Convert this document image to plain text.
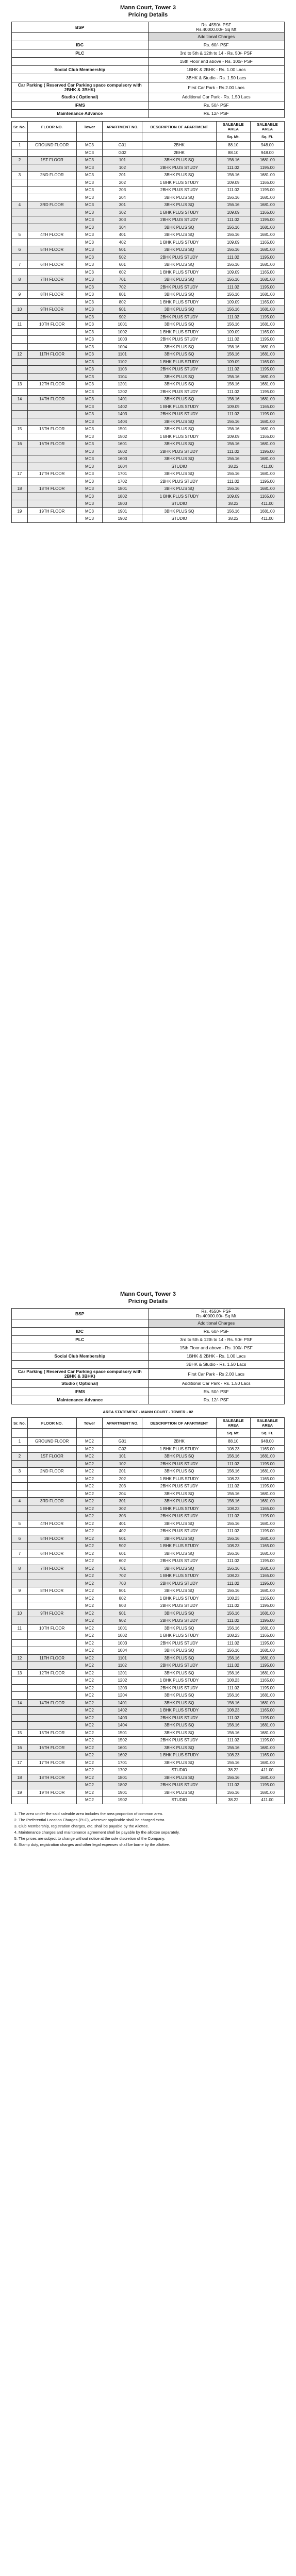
Mann Court, Tower 3
Pricing Details
BSP	Rs. 4550/- PSF
Rs.40000.00/- Sq Mt

	Additional Charges
IDC	Rs. 60/- PSF
PLC	3rd to 5th & 12th to 14 - Rs. 50/- PSF
	15th Floor and above - Rs. 100/- PSF
Social Club Membership	1BHK & 2BHK - Rs. 1.00 Lacs
	3BHK & Studio - Rs. 1.50 Lacs
Car Parking ( Reserved Car Parking space compulsory with 2BHK & 3BHK)	First Car Park - Rs 2.00 Lacs
Studio ( Optional)	Additional Car Park - Rs. 1.50 Lacs
IFMS	Rs. 50/- PSF
Maintenance Advance	Rs. 12/- PSF
Sr. No.	FLOOR NO.	Tower	APARTMENT NO.	DESCRIPTION OF APARTMENT	SALEABLE AREA	SALEABLE AREA
					Sq. Mt.	Sq. Ft.
1	GROUND FLOOR	MC3	G01	2BHK	88.10	948.00
		MC3	G02	2BHK	88.10	948.00
2	1ST FLOOR	MC3	101	3BHK PLUS SQ	156.16	1681.00
		MC3	102	2BHK PLUS STUDY	111.02	1195.00
3	2ND FLOOR	MC3	201	3BHK PLUS SQ	156.16	1681.00
		MC3	202	1 BHK PLUS STUDY	109.09	1165.00
		MC3	203	2BHK PLUS STUDY	111.02	1195.00
		MC3	204	3BHK PLUS SQ	156.16	1681.00
4	3RD FLOOR	MC3	301	3BHK PLUS SQ	156.16	1681.00
		MC3	302	1 BHK PLUS STUDY	109.09	1165.00
		MC3	303	2BHK PLUS STUDY	111.02	1195.00
		MC3	304	3BHK PLUS SQ	156.16	1681.00
5	4TH FLOOR	MC3	401	3BHK PLUS SQ	156.16	1681.00
		MC3	402	1 BHK PLUS STUDY	109.09	1165.00
6	5TH FLOOR	MC3	501	3BHK PLUS SQ	156.16	1681.00
		MC3	502	2BHK PLUS STUDY	111.02	1195.00
7	6TH FLOOR	MC3	601	3BHK PLUS SQ	156.16	1681.00
		MC3	602	1 BHK PLUS STUDY	109.09	1165.00
8	7TH FLOOR	MC3	701	3BHK PLUS SQ	156.16	1681.00
		MC3	702	2BHK PLUS STUDY	111.02	1195.00
9	8TH FLOOR	MC3	801	3BHK PLUS SQ	156.16	1681.00
		MC3	802	1 BHK PLUS STUDY	109.09	1165.00
10	9TH FLOOR	MC3	901	3BHK PLUS SQ	156.16	1681.00
		MC3	902	2BHK PLUS STUDY	111.02	1195.00
11	10TH FLOOR	MC3	1001	3BHK PLUS SQ	156.16	1681.00
		MC3	1002	1 BHK PLUS STUDY	109.09	1165.00
		MC3	1003	2BHK PLUS STUDY	111.02	1195.00
		MC3	1004	3BHK PLUS SQ	156.16	1681.00
12	11TH FLOOR	MC3	1101	3BHK PLUS SQ	156.16	1681.00
		MC3	1102	1 BHK PLUS STUDY	109.09	1165.00
		MC3	1103	2BHK PLUS STUDY	111.02	1195.00
		MC3	1104	3BHK PLUS SQ	156.16	1681.00
13	12TH FLOOR	MC3	1201	3BHK PLUS SQ	156.16	1681.00
		MC3	1202	2BHK PLUS STUDY	111.02	1195.00
14	14TH FLOOR	MC3	1401	3BHK PLUS SQ	156.16	1681.00
		MC3	1402	1 BHK PLUS STUDY	109.09	1165.00
		MC3	1403	2BHK PLUS STUDY	111.02	1195.00
		MC3	1404	3BHK PLUS SQ	156.16	1681.00
15	15TH FLOOR	MC3	1501	3BHK PLUS SQ	156.16	1681.00
		MC3	1502	1 BHK PLUS STUDY	109.09	1165.00
16	16TH FLOOR	MC3	1601	3BHK PLUS SQ	156.16	1681.00
		MC3	1602	2BHK PLUS STUDY	111.02	1195.00
		MC3	1603	3BHK PLUS SQ	156.16	1681.00
		MC3	1604	STUDIO	38.22	411.00
17	17TH FLOOR	MC3	1701	3BHK PLUS SQ	156.16	1681.00
		MC3	1702	2BHK PLUS STUDY	111.02	1195.00
18	18TH FLOOR	MC3	1801	3BHK PLUS SQ	156.16	1681.00
		MC3	1802	1 BHK PLUS STUDY	109.09	1165.00
		MC3	1803	STUDIO	38.22	411.00
19	19TH FLOOR	MC3	1901	3BHK PLUS SQ	156.16	1681.00
		MC3	1902	STUDIO	38.22	411.00
Mann Court, Tower 3
Pricing Details
BSP	Rs. 4550/- PSF
Rs.40000.00/- Sq Mt

	Additional Charges
IDC	Rs. 60/- PSF
PLC	3rd to 5th & 12th to 14 - Rs. 50/- PSF
	15th Floor and above - Rs. 100/- PSF
Social Club Membership	1BHK & 2BHK - Rs. 1.00 Lacs
	3BHK & Studio - Rs. 1.50 Lacs
Car Parking ( Reserved Car Parking space compulsory with 2BHK & 3BHK)	First Car Park - Rs 2.00 Lacs
Studio ( Optional)	Additional Car Park - Rs. 1.50 Lacs
IFMS	Rs. 50/- PSF
Maintenance Advance	Rs. 12/- PSF
AREA STATEMENT - MANN COURT - TOWER - 02
Sr. No.	FLOOR NO.	Tower	APARTMENT NO.	DESCRIPTION OF APARTMENT	SALEABLE AREA	SALEABLE AREA
					Sq. Mt.	Sq. Ft.
1	GROUND FLOOR	MC2	G01	2BHK	88.10	948.00
		MC2	G02	1 BHK PLUS STUDY	108.23	1165.00
2	1ST FLOOR	MC2	101	3BHK PLUS SQ	156.16	1681.00
		MC2	102	2BHK PLUS STUDY	111.02	1195.00
3	2ND FLOOR	MC2	201	3BHK PLUS SQ	156.16	1681.00
		MC2	202	1 BHK PLUS STUDY	108.23	1165.00
		MC2	203	2BHK PLUS STUDY	111.02	1195.00
		MC2	204	3BHK PLUS SQ	156.16	1681.00
4	3RD FLOOR	MC2	301	3BHK PLUS SQ	156.16	1681.00
		MC2	302	1 BHK PLUS STUDY	108.23	1165.00
		MC2	303	2BHK PLUS STUDY	111.02	1195.00
5	4TH FLOOR	MC2	401	3BHK PLUS SQ	156.16	1681.00
		MC2	402	2BHK PLUS STUDY	111.02	1195.00
6	5TH FLOOR	MC2	501	3BHK PLUS SQ	156.16	1681.00
		MC2	502	1 BHK PLUS STUDY	108.23	1165.00
7	6TH FLOOR	MC2	601	3BHK PLUS SQ	156.16	1681.00
		MC2	602	2BHK PLUS STUDY	111.02	1195.00
8	7TH FLOOR	MC2	701	3BHK PLUS SQ	156.16	1681.00
		MC2	702	1 BHK PLUS STUDY	108.23	1165.00
		MC2	703	2BHK PLUS STUDY	111.02	1195.00
9	8TH FLOOR	MC2	801	3BHK PLUS SQ	156.16	1681.00
		MC2	802	1 BHK PLUS STUDY	108.23	1165.00
		MC2	803	2BHK PLUS STUDY	111.02	1195.00
10	9TH FLOOR	MC2	901	3BHK PLUS SQ	156.16	1681.00
		MC2	902	2BHK PLUS STUDY	111.02	1195.00
11	10TH FLOOR	MC2	1001	3BHK PLUS SQ	156.16	1681.00
		MC2	1002	1 BHK PLUS STUDY	108.23	1165.00
		MC2	1003	2BHK PLUS STUDY	111.02	1195.00
		MC2	1004	3BHK PLUS SQ	156.16	1681.00
12	11TH FLOOR	MC2	1101	3BHK PLUS SQ	156.16	1681.00
		MC2	1102	2BHK PLUS STUDY	111.02	1195.00
13	12TH FLOOR	MC2	1201	3BHK PLUS SQ	156.16	1681.00
		MC2	1202	1 BHK PLUS STUDY	108.23	1165.00
		MC2	1203	2BHK PLUS STUDY	111.02	1195.00
		MC2	1204	3BHK PLUS SQ	156.16	1681.00
14	14TH FLOOR	MC2	1401	3BHK PLUS SQ	156.16	1681.00
		MC2	1402	1 BHK PLUS STUDY	108.23	1165.00
		MC2	1403	2BHK PLUS STUDY	111.02	1195.00
		MC2	1404	3BHK PLUS SQ	156.16	1681.00
15	15TH FLOOR	MC2	1501	3BHK PLUS SQ	156.16	1681.00
		MC2	1502	2BHK PLUS STUDY	111.02	1195.00
16	16TH FLOOR	MC2	1601	3BHK PLUS SQ	156.16	1681.00
		MC2	1602	1 BHK PLUS STUDY	108.23	1165.00
17	17TH FLOOR	MC2	1701	3BHK PLUS SQ	156.16	1681.00
		MC2	1702	STUDIO	38.22	411.00
18	18TH FLOOR	MC2	1801	3BHK PLUS SQ	156.16	1681.00
		MC2	1802	2BHK PLUS STUDY	111.02	1195.00
19	19TH FLOOR	MC2	1901	3BHK PLUS SQ	156.16	1681.00
		MC2	1902	STUDIO	38.22	411.00
1. The area under the said saleable area includes the area proportion of common area.
2. The Preferential Location Charges (PLC), wherever applicable shall be charged extra.
3. Club Membership, registration charges, etc. shall be payable by the Allottee.
4. Maintenance charges and maintenance agreement shall be payable by the allottee separately.
5. The prices are subject to change without notice at the sole discretion of the Company.
6. Stamp duty, registration charges and other legal expenses shall be borne by the allottee.
